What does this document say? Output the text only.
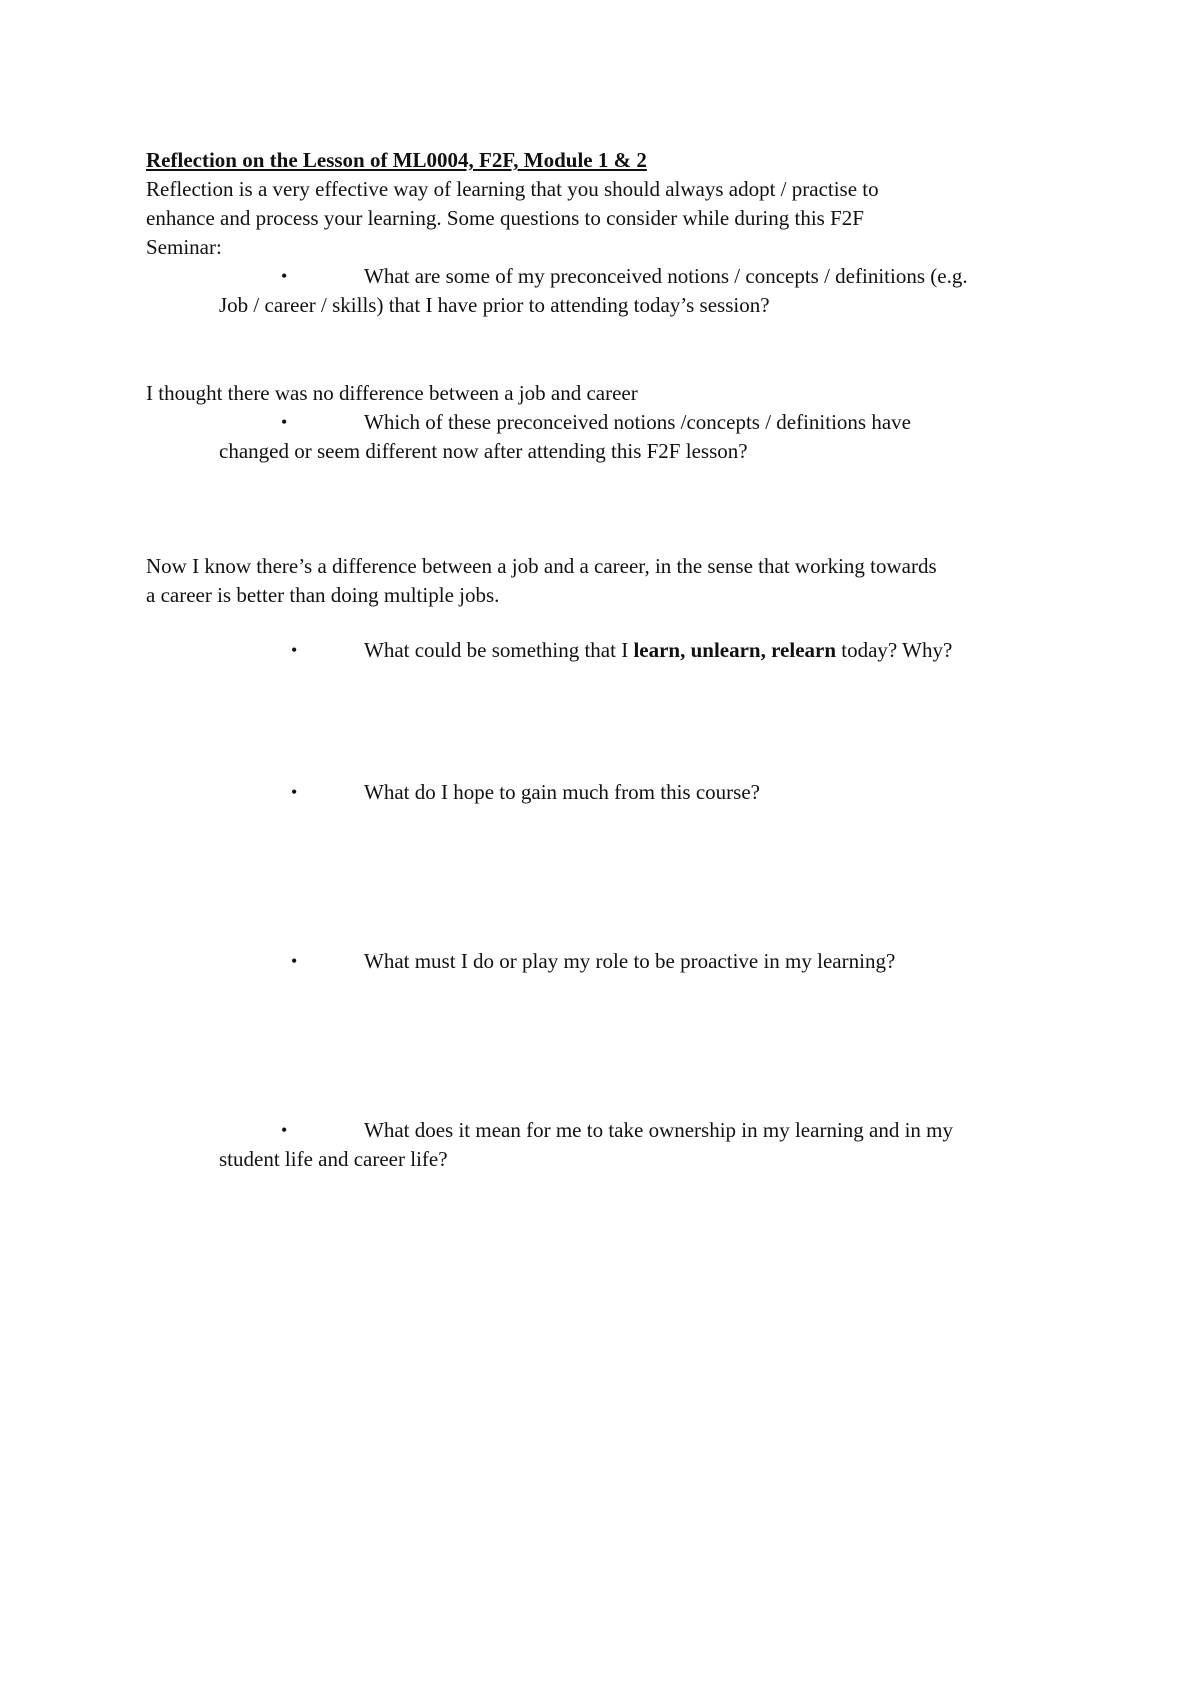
Reflection on the Lesson of ML0004, F2F, Module 1 & 2
Reflection is a very effective way of learning that you should always adopt / practise to
enhance and process your learning. Some questions to consider while during this F2F
Seminar:
•	What are some of my preconceived notions / concepts / definitions (e.g.
Job / career / skills) that I have prior to attending today’s session?
I thought there was no difference between a job and career
•	Which of these preconceived notions /concepts / definitions have
changed or seem different now after attending this F2F lesson?
Now I know there’s a difference between a job and a career, in the sense that working towards
a career is better than doing multiple jobs.
•	What could be something that I learn, unlearn, relearn today? Why?
•	What do I hope to gain much from this course?
•	What must I do or play my role to be proactive in my learning?
•	What does it mean for me to take ownership in my learning and in my
student life and career life?
